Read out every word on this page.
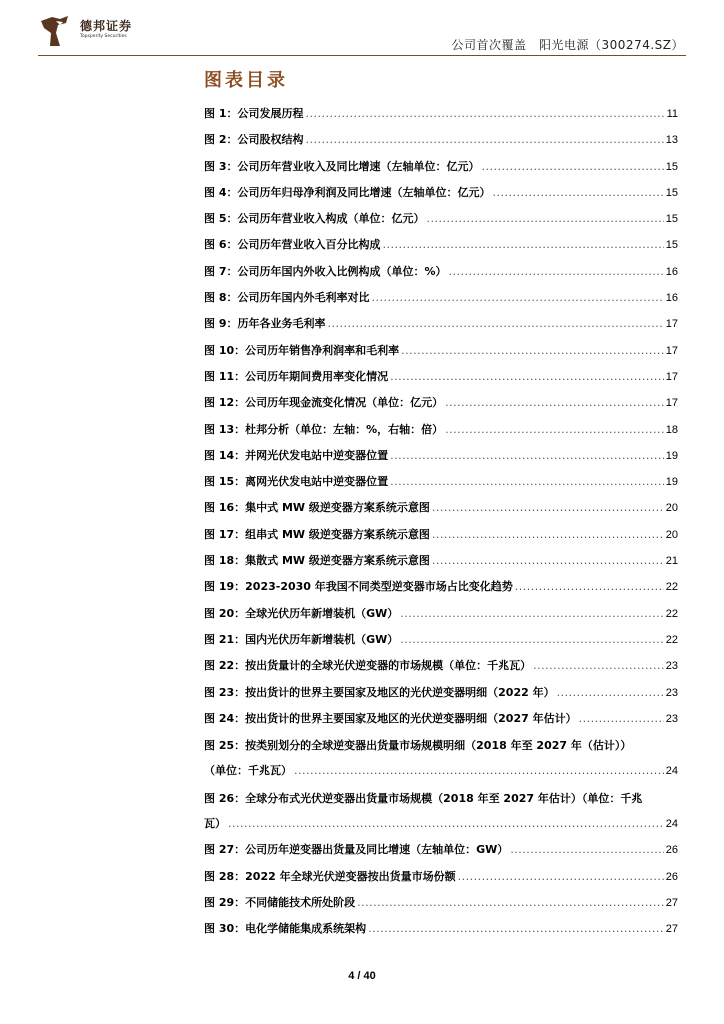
德邦证券
Topsperity Securities
公司首次覆盖　阳光电源（300274.SZ）
图表目录
图 1：公司发展历程 .....	11
图 2：公司股权结构 .....	13
图 3：公司历年营业收入及同比增速（左轴单位：亿元） .....	15
图 4：公司历年归母净利润及同比增速（左轴单位：亿元） .....	15
图 5：公司历年营业收入构成（单位：亿元） .....	15
图 6：公司历年营业收入百分比构成 .....	15
图 7：公司历年国内外收入比例构成（单位：%） .....	16
图 8：公司历年国内外毛利率对比 .....	16
图 9：历年各业务毛利率 .....	17
图 10：公司历年销售净利润率和毛利率 .....	17
图 11：公司历年期间费用率变化情况 .....	17
图 12：公司历年现金流变化情况（单位：亿元） .....	17
图 13：杜邦分析（单位：左轴：%，右轴：倍） .....	18
图 14：并网光伏发电站中逆变器位置 .....	19
图 15：离网光伏发电站中逆变器位置 .....	19
图 16：集中式 MW 级逆变器方案系统示意图 .....	20
图 17：组串式 MW 级逆变器方案系统示意图 .....	20
图 18：集散式 MW 级逆变器方案系统示意图 .....	21
图 19：2023-2030 年我国不同类型逆变器市场占比变化趋势 .....	22
图 20：全球光伏历年新增装机（GW） .....	22
图 21：国内光伏历年新增装机（GW） .....	22
图 22：按出货量计的全球光伏逆变器的市场规模（单位：千兆瓦） .....	23
图 23：按出货计的世界主要国家及地区的光伏逆变器明细（2022 年） .....	23
图 24：按出货计的世界主要国家及地区的光伏逆变器明细（2027 年估计） .....	23
图 25：按类别划分的全球逆变器出货量市场规模明细（2018 年至 2027 年（估计））
（单位：千兆瓦） .....	24
图 26：全球分布式光伏逆变器出货量市场规模（2018 年至 2027 年估计）（单位：千兆
瓦） .....	24
图 27：公司历年逆变器出货量及同比增速（左轴单位：GW） .....	26
图 28：2022 年全球光伏逆变器按出货量市场份额 .....	26
图 29：不同储能技术所处阶段 .....	27
图 30：电化学储能集成系统架构 .....	27
4 / 40
